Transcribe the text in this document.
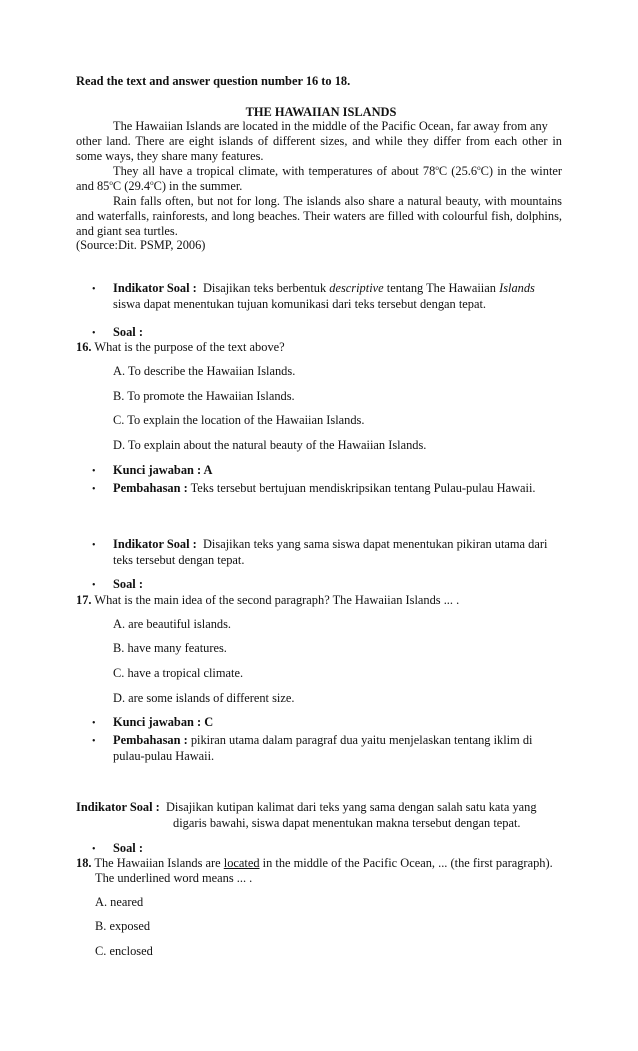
Read the text and answer question number 16 to 18.
THE HAWAIIAN ISLANDS
The Hawaiian Islands are located in the middle of the Pacific Ocean, far away from any
other land. There are eight islands of different sizes, and while they differ from each other in
some ways, they share many features.
They all have a tropical climate, with temperatures of about 78$^o$C (25.6$^o$C) in the winter
and 85$^o$C (29.4$^o$C) in the summer.
Rain falls often, but not for long. The islands also share a natural beauty, with mountains
and waterfalls, rainforests, and long beaches. Their waters are filled with colourful fish, dolphins,
and giant sea turtles.
(Source:Dit. PSMP, 2006)
• Indikator Soal : Disajikan teks berbentuk descriptive tentang The Hawaiian Islands
siswa dapat menentukan tujuan komunikasi dari teks tersebut dengan tepat.
• Soal :
16. What is the purpose of the text above?
A. To describe the Hawaiian Islands.
B. To promote the Hawaiian Islands.
C. To explain the location of the Hawaiian Islands.
D. To explain about the natural beauty of the Hawaiian Islands.
• Kunci jawaban : A
• Pembahasan : Teks tersebut bertujuan mendiskripsikan tentang Pulau-pulau Hawaii.
• Indikator Soal : Disajikan teks yang sama siswa dapat menentukan pikiran utama dari
teks tersebut dengan tepat.
• Soal :
17. What is the main idea of the second paragraph? The Hawaiian Islands ... .
A. are beautiful islands.
B. have many features.
C. have a tropical climate.
D. are some islands of different size.
• Kunci jawaban : C
• Pembahasan : pikiran utama dalam paragraf dua yaitu menjelaskan tentang iklim di
pulau-pulau Hawaii.
Indikator Soal : Disajikan kutipan kalimat dari teks yang sama dengan salah satu kata yang
digaris bawahi, siswa dapat menentukan makna tersebut dengan tepat.
• Soal :
18. The Hawaiian Islands are located in the middle of the Pacific Ocean, ... (the first paragraph).
The underlined word means ... .
A. neared
B. exposed
C. enclosed
